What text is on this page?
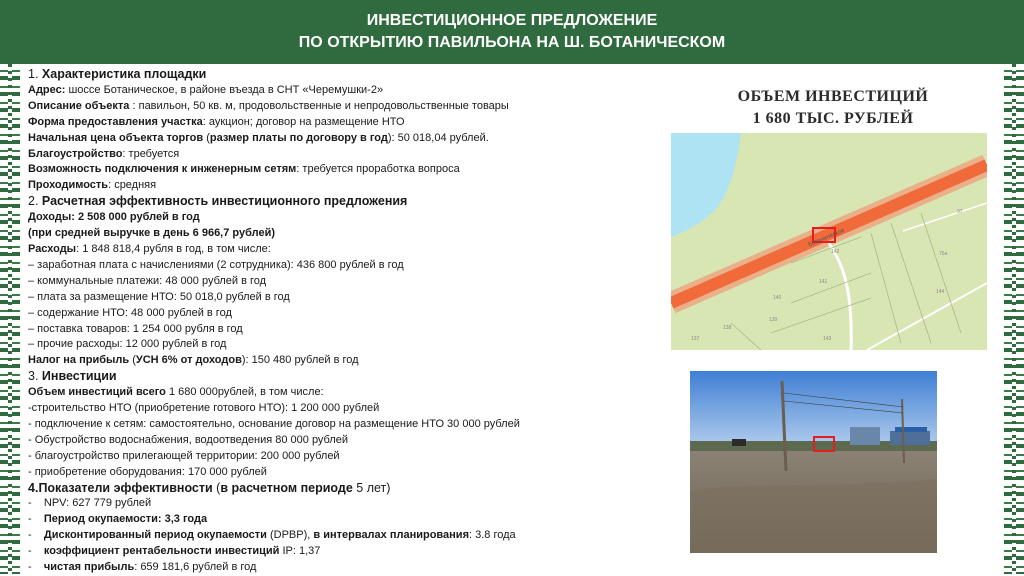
ИНВЕСТИЦИОННОЕ ПРЕДЛОЖЕНИЕ
ПО ОТКРЫТИЮ ПАВИЛЬОНА НА Ш. БОТАНИЧЕСКОМ
1. Характеристика площадки
Адрес: шоссе Ботаническое, в районе въезда в СНТ «Черемушки-2»
Описание объекта : павильон, 50 кв. м, продовольственные и непродовольственные товары
Форма предоставления участка: аукцион; договор на размещение НТО
Начальная цена объекта торгов (размер платы по договору в год): 50 018,04 рублей.
Благоустройство: требуется
Возможность подключения к инженерным сетям: требуется проработка вопроса
Проходимость: средняя
2. Расчетная эффективность инвестиционного предложения
Доходы: 2 508 000 рублей в год
(при средней выручке в день 6 966,7 рублей)
Расходы: 1 848 818,4 рубля в год, в том числе:
– заработная плата с начислениями (2 сотрудника): 436 800 рублей в год
– коммунальные платежи: 48 000 рублей в год
– плата за размещение НТО: 50 018,0 рублей в год
– содержание НТО: 48 000 рублей в год
– поставка товаров: 1 254 000 рубля в год
– прочие расходы: 12 000 рублей в год
Налог на прибыль (УСН 6% от доходов): 150 480 рублей в год
3. Инвестиции
Объем инвестиций всего 1 680 000рублей, в том числе:
-строительство НТО (приобретение готового НТО): 1 200 000 рублей
- подключение к сетям: самостоятельно, основание договор на размещение НТО 30 000 рублей
- Обустройство водоснабжения, водоотведения 80 000 рублей
- благоустройство прилегающей территории: 200 000 рублей
- приобретение оборудования: 170 000 рублей
4.Показатели эффективности (в расчетном периоде 5 лет)
-    NPV: 627 779 рублей
-    Период окупаемости: 3,3 года
-    Дисконтированный период окупаемости (DPBP), в интервалах планирования: 3.8 года
-    коэффициент рентабельности инвестиций IP: 1,37
-    чистая прибыль: 659 181,6 рублей в год
ОБЪЕМ ИНВЕСТИЦИЙ
1 680 ТЫС. РУБЛЕЙ
Ботаническое
137
138
139
140
141
142
143
144
75а
97
